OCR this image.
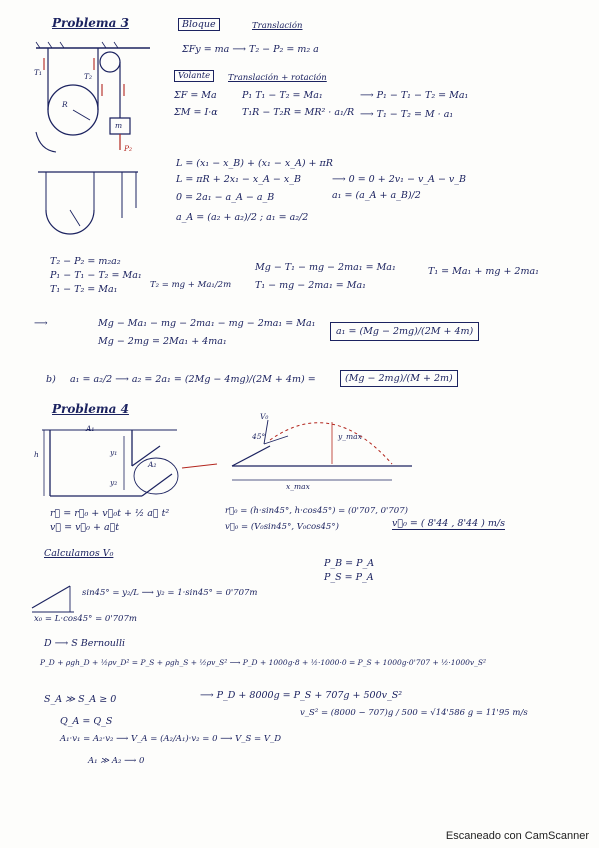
Problema 3	Bloque	Translación
ΣFy = ma ⟶ T₂ − P₂ = m₂ a
Volante	Translación + rotación
ΣF = Ma
ΣM = I·α
P₁ T₁ − T₂ = Ma₁
T₁R − T₂R = MR² · a₁/R
⟶ P₁ − T₁ − T₂ = Ma₁
⟶ T₁ − T₂ = M · a₁
T₁	T₂
R
m
P₂
L = (x₁ − x_B) + (x₁ − x_A) + πR
L = πR + 2x₁ − x_A − x_B	⟶ 0 = 0 + 2v₁ − v_A − v_B
0 = 2a₁ − a_A − a_B	a₁ = (a_A + a_B)/2
a_A = (a₂ + a₂)/2 ; a₁ = a₂/2
T₂ − P₂ = m₂a₂
P₁ − T₁ − T₂ = Ma₁
T₁ − T₂ = Ma₁	T₂ = mg + Ma₁/2m
Mg − T₁ − mg − 2ma₁ = Ma₁
T₁ − mg − 2ma₁ = Ma₁
T₁ = Ma₁ + mg + 2ma₁
⟶	Mg − Ma₁ − mg − 2ma₁ − mg − 2ma₁ = Ma₁
Mg − 2mg = 2Ma₁ + 4ma₁
a₁ = (Mg − 2mg)/(2M + 4m)
b) a₁ = a₂/2 ⟶ a₂ = 2a₁ = (2Mg − 4mg)/(2M + 4m) =	(Mg − 2mg)/(M + 2m)
Problema 4
A₁
h	y₁
y₂
A₂
45°
V₀
y_max
x_max
r⃗ = r⃗₀ + v⃗₀t + ½ a⃗ t²
v⃗ = v⃗₀ + a⃗t
r⃗₀ = (h·sin45°, h·cos45°) = (0'707, 0'707)
v⃗₀ = (V₀sin45°, V₀cos45°)	v⃗₀ = ( 8'44 , 8'44 ) m/s
Calculamos V₀
P_B = P_A
P_S = P_A
sin45° = y₂/L ⟶ y₂ = 1·sin45° = 0'707m
x₀ = L·cos45° = 0'707m
D ⟶ S Bernoulli
P_D + ρgh_D + ½ρv_D² = P_S + ρgh_S + ½ρv_S² ⟶ P_D + 1000g·8 + ½·1000·0 = P_S + 1000g·0'707 + ½·1000v_S²
S_A ≫ S_A ≥ 0	⟶ P_D + 8000g = P_S + 707g + 500v_S²
v_S² = (8000 − 707)g / 500 = √14'586 g = 11'95 m/s
Q_A = Q_S
A₁·v₁ = A₂·v₂ ⟶ V_A = (A₂/A₁)·v₂ = 0 ⟶ V_S = V_D
A₁ ≫ A₂ ⟶ 0
Escaneado con CamScanner
